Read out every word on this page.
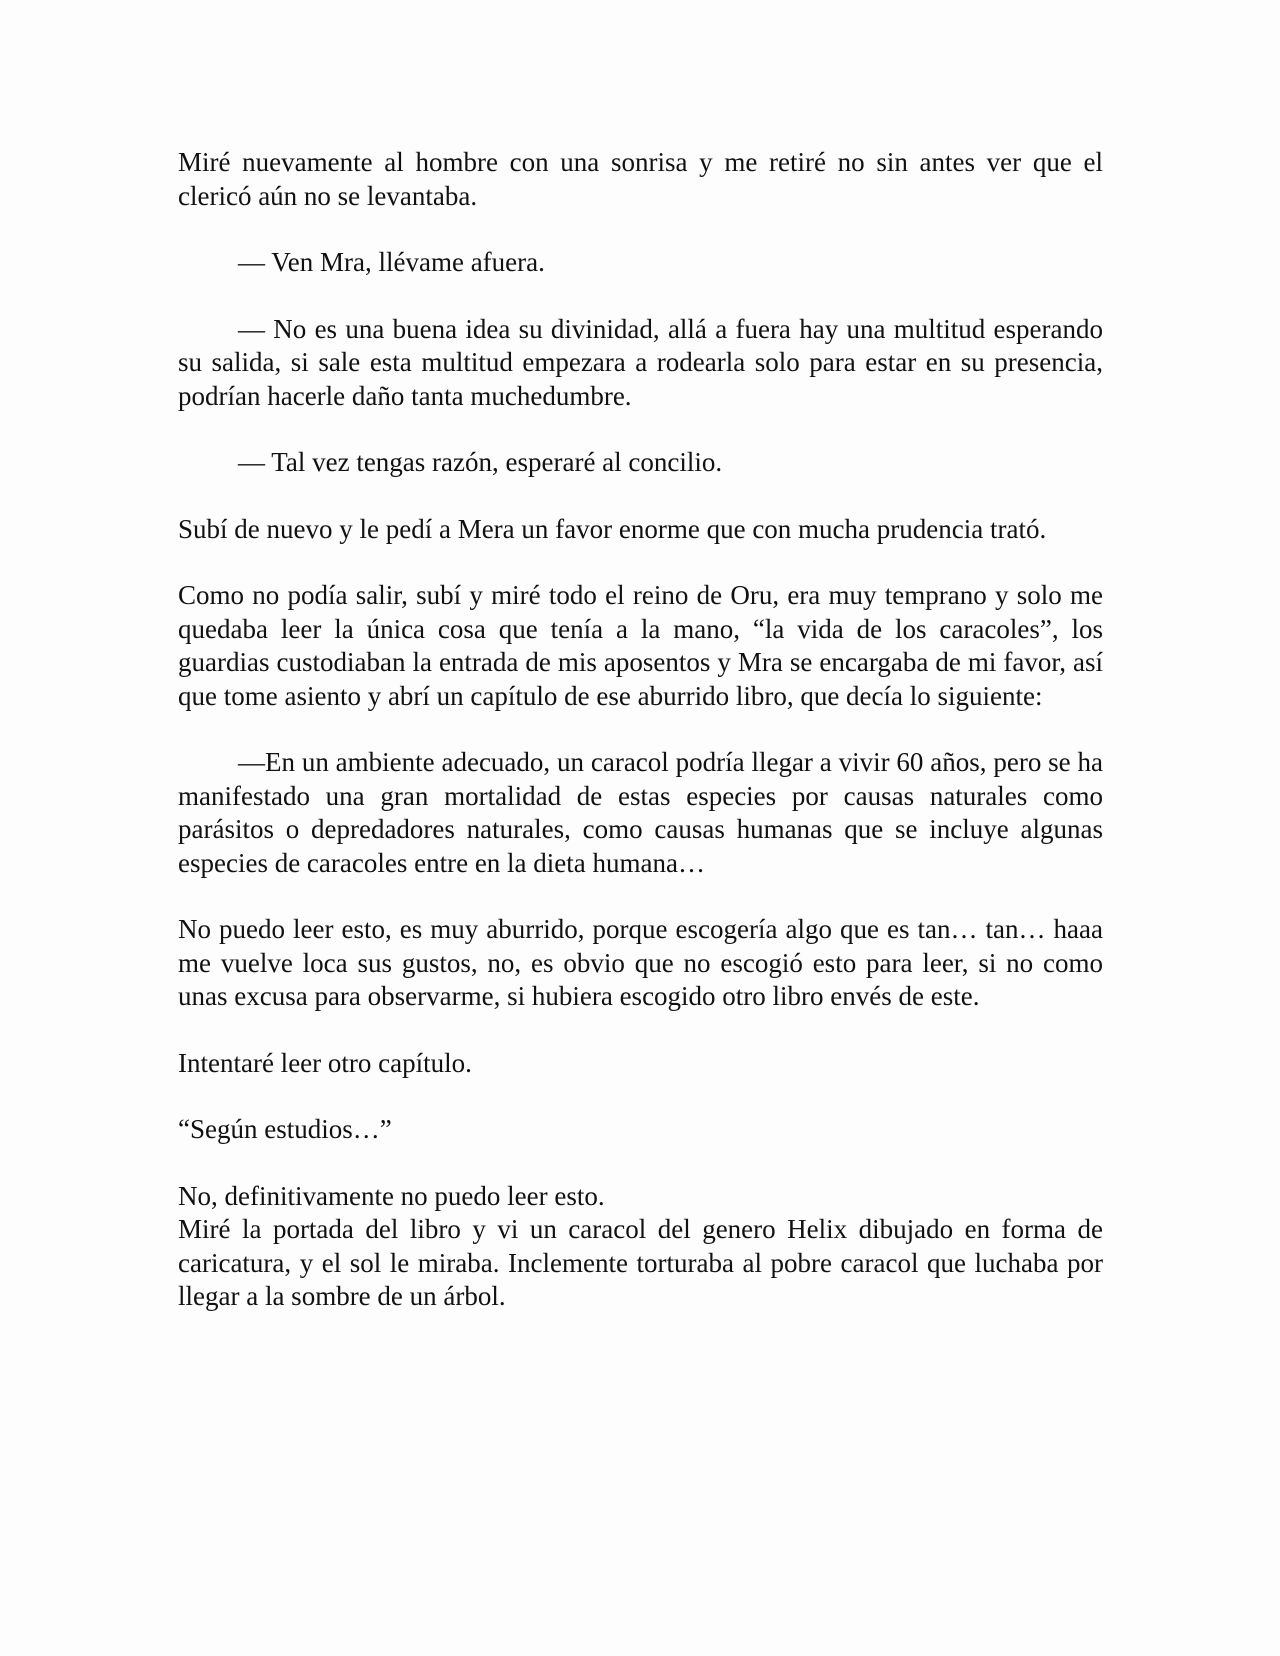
Miré nuevamente al hombre con una sonrisa y me retiré no sin antes ver que el clericó aún no se levantaba.

— Ven Mra, llévame afuera.

— No es una buena idea su divinidad, allá a fuera hay una multitud esperando su salida, si sale esta multitud empezara a rodearla solo para estar en su presencia, podrían hacerle daño tanta muchedumbre.

— Tal vez tengas razón, esperaré al concilio.

Subí de nuevo y le pedí a Mera un favor enorme que con mucha prudencia trató.

Como no podía salir, subí y miré todo el reino de Oru, era muy temprano y solo me quedaba leer la única cosa que tenía a la mano, “la vida de los caracoles”, los guardias custodiaban la entrada de mis aposentos y Mra se encargaba de mi favor, así que tome asiento y abrí un capítulo de ese aburrido libro, que decía lo siguiente:

—En un ambiente adecuado, un caracol podría llegar a vivir 60 años, pero se ha manifestado una gran mortalidad de estas especies por causas naturales como parásitos o depredadores naturales, como causas humanas que se incluye algunas especies de caracoles entre en la dieta humana…

No puedo leer esto, es muy aburrido, porque escogería algo que es tan… tan… haaa me vuelve loca sus gustos, no, es obvio que no escogió esto para leer, si no como unas excusa para observarme, si hubiera escogido otro libro envés de este.

Intentaré leer otro capítulo.

“Según estudios…”

No, definitivamente no puedo leer esto.

Miré la portada del libro y vi un caracol del genero Helix dibujado en forma de caricatura, y el sol le miraba. Inclemente torturaba al pobre caracol que luchaba por llegar a la sombre de un árbol.
